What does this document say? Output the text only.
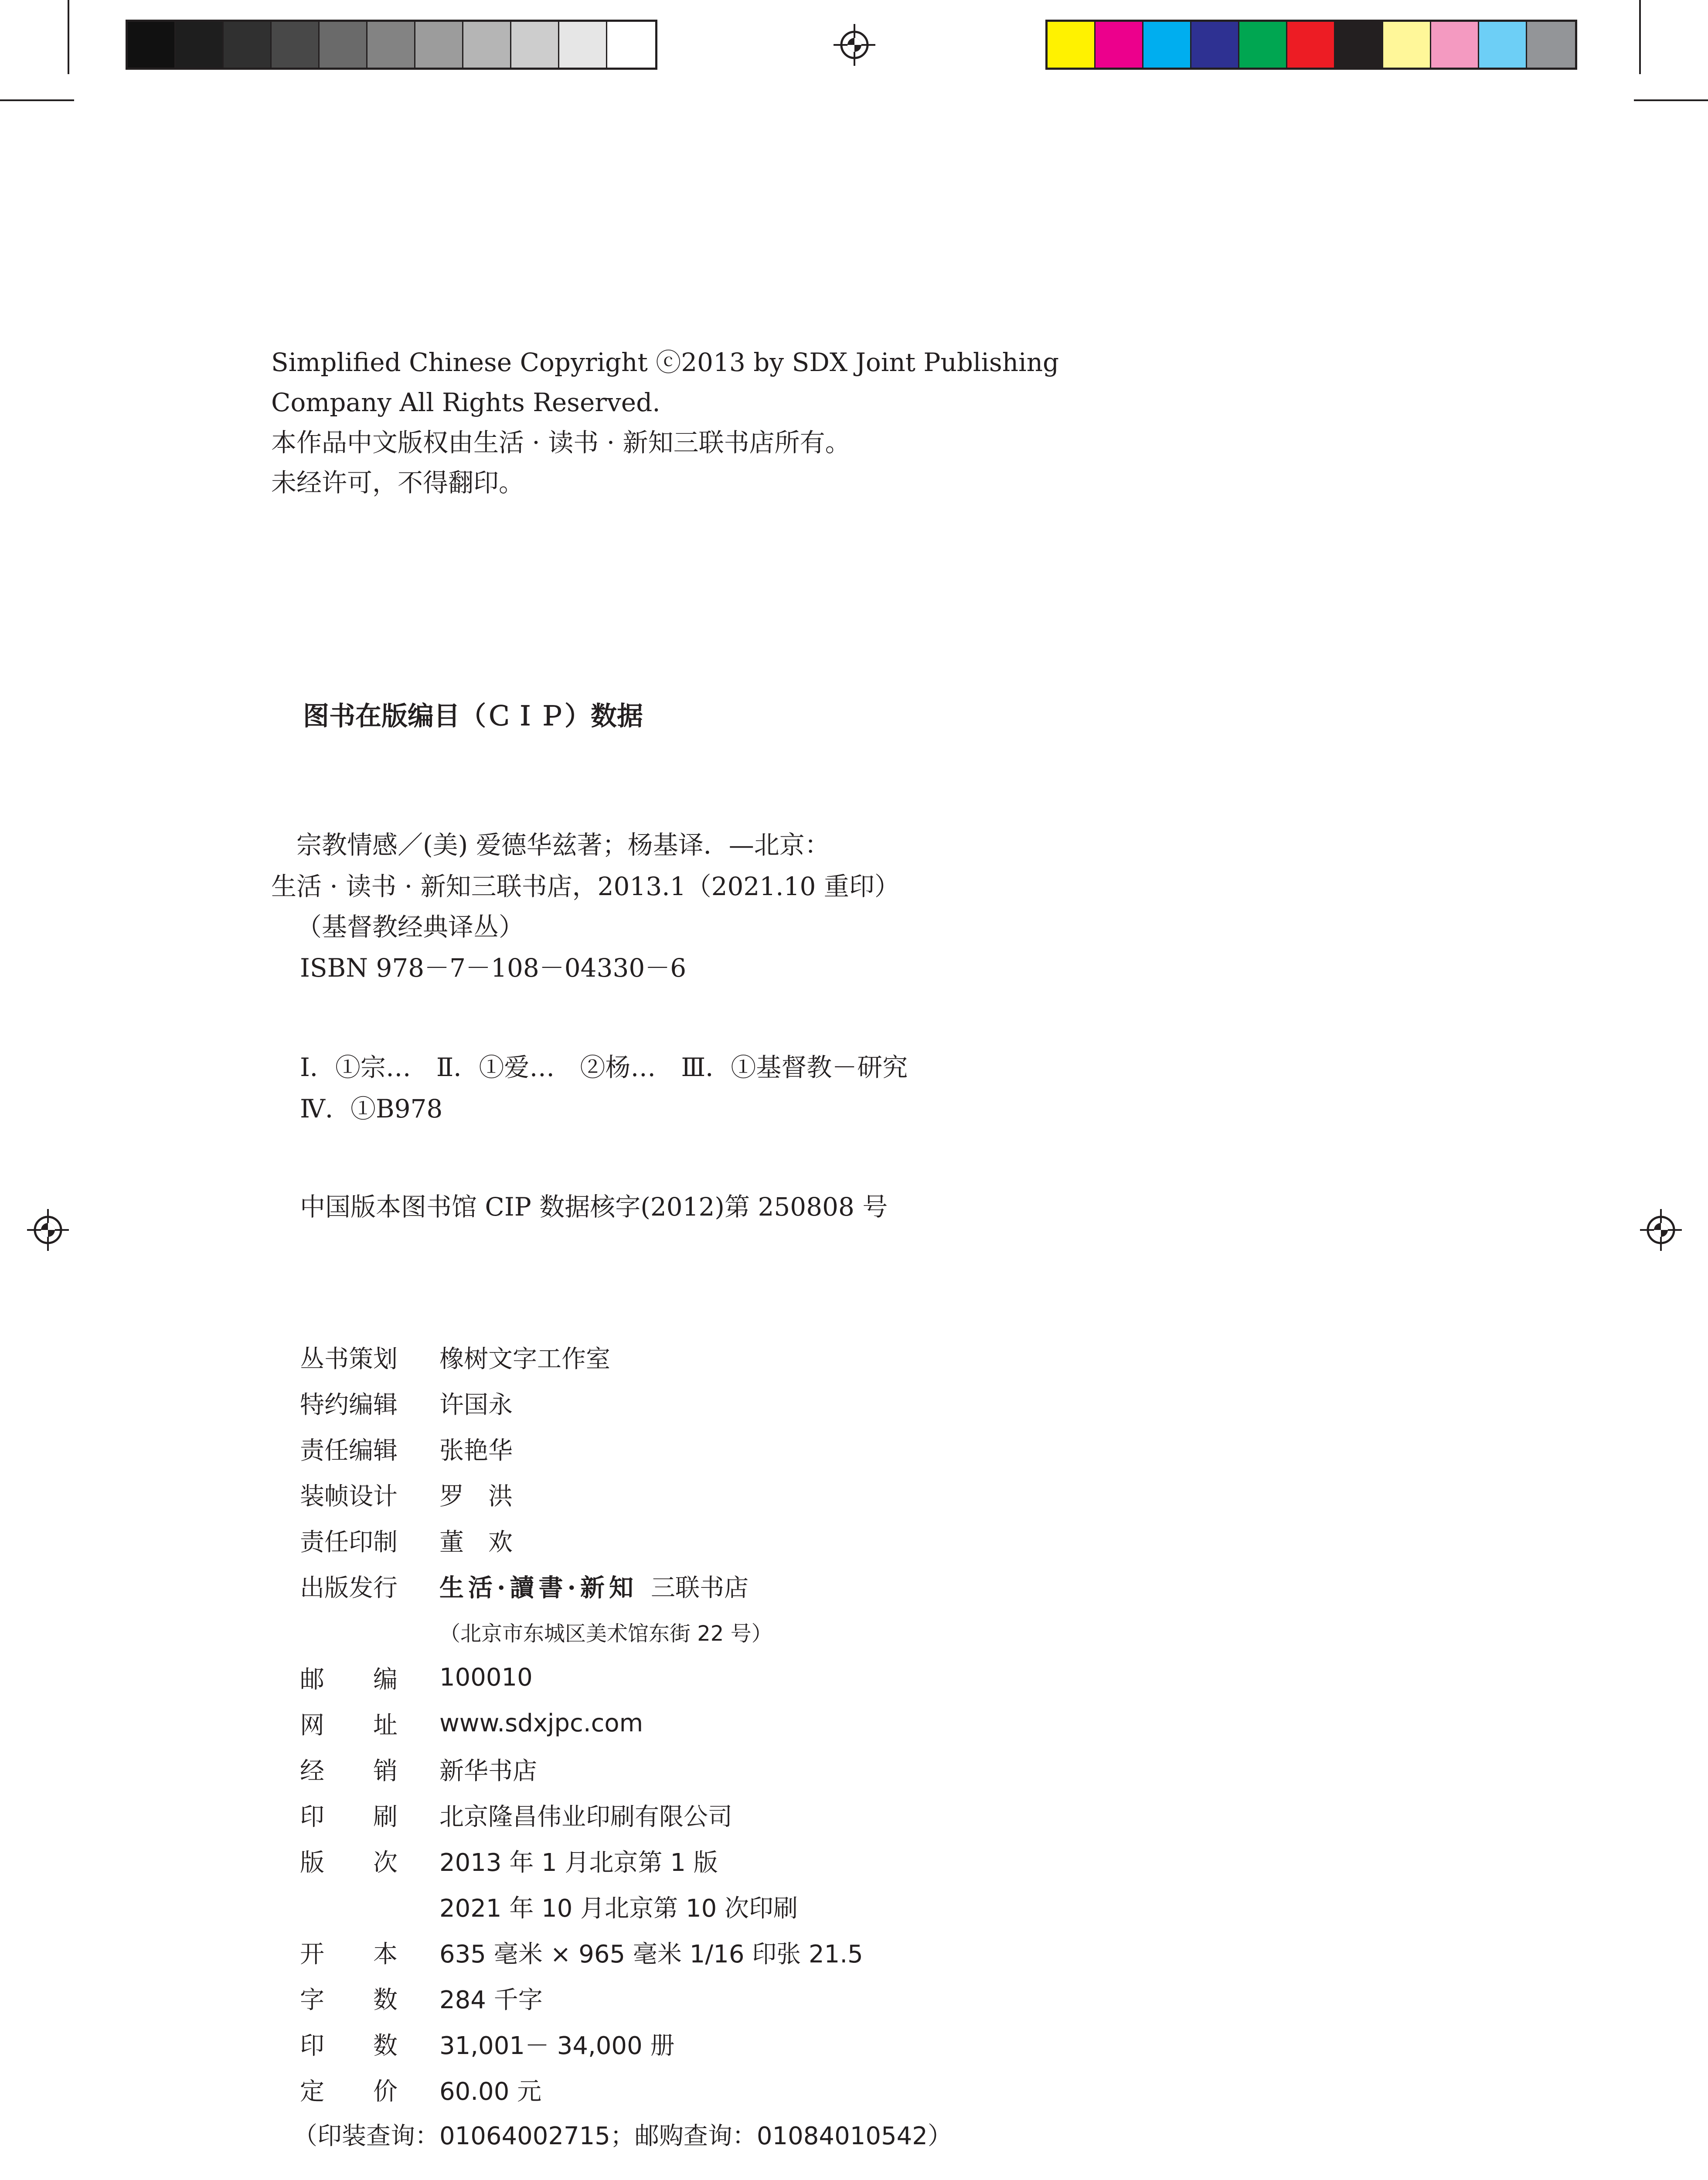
Simplified Chinese Copyright ⓒ2013 by SDX Joint Publishing
Company All Rights Reserved.
本作品中文版权由生活 · 读书 · 新知三联书店所有。
未经许可，不得翻印。
图书在版编目（ＣＩＰ）数据
宗教情感／(美) 爱德华兹著；杨基译．—北京：
生活 · 读书 · 新知三联书店，2013.1（2021.10 重印）
（基督教经典译丛）
ISBN 978－7－108－04330－6
Ⅰ．①宗…　Ⅱ．①爱…　②杨…　Ⅲ．①基督教－研究
Ⅳ．①B978
中国版本图书馆 CIP 数据核字(2012)第 250808 号
丛书策划	橡树文字工作室
特约编辑	许国永
责任编辑	张艳华
装帧设计	罗　洪
责任印制	董　欢
出版发行	生活·讀書·新知 三联书店
（北京市东城区美术馆东街 22 号）
邮　　编	100010
网　　址	www.sdxjpc.com
经　　销	新华书店
印　　刷	北京隆昌伟业印刷有限公司
版　　次	2013 年 1 月北京第 1 版
2021 年 10 月北京第 10 次印刷
开　　本	635 毫米 × 965 毫米 1/16 印张 21.5
字　　数	284 千字
印　　数	31,001－ 34,000 册
定　　价	60.00 元
（印装查询：01064002715；邮购查询：01084010542）
